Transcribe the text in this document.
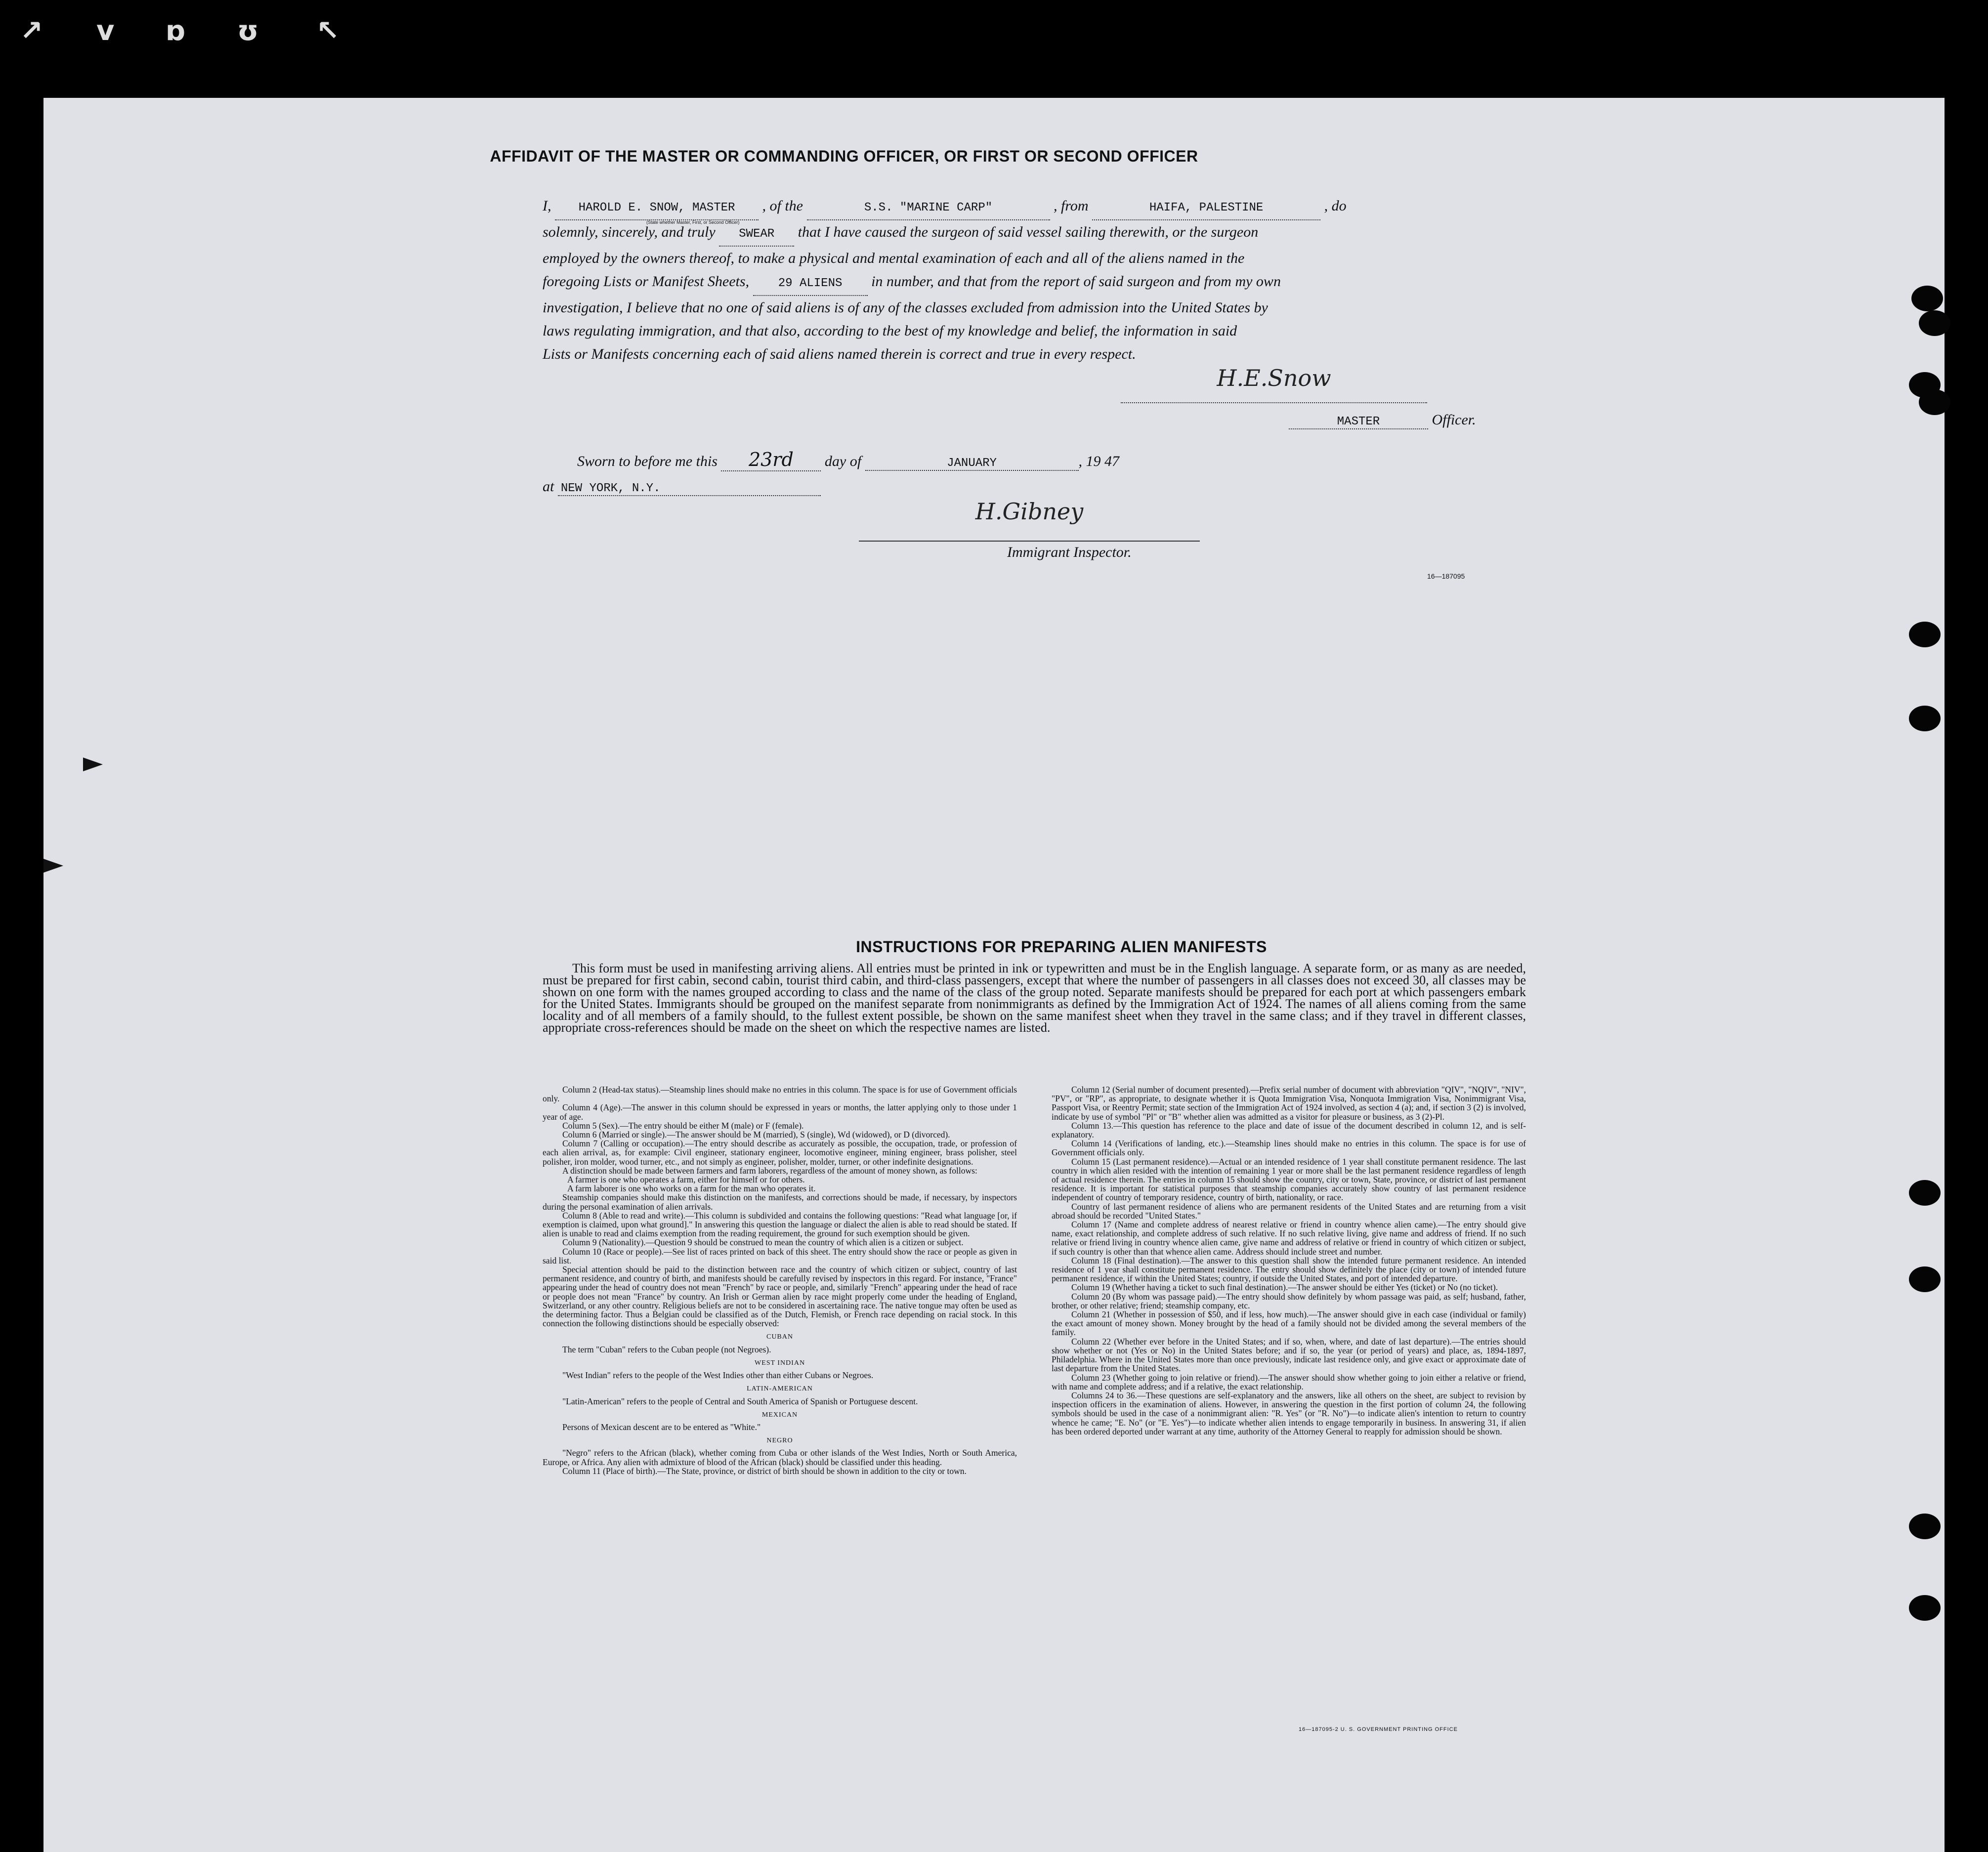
↗ v ɒ ʊ ↖
AFFIDAVIT OF THE MASTER OR COMMANDING OFFICER, OR FIRST OR SECOND OFFICER
I, HAROLD E. SNOW, MASTER
(State whether Master, First, or Second Officer)
, of the	S.S. "MARINE CARP"	, from	HAIFA, PALESTINE	, do
solemnly, sincerely, and truly SWEAR that I have caused the surgeon of said vessel sailing therewith, or the surgeon
employed by the owners thereof, to make a physical and mental examination of each and all of the aliens named in the
foregoing Lists or Manifest Sheets, 29 ALIENS in number, and that from the report of said surgeon and from my own
investigation, I believe that no one of said aliens is of any of the classes excluded from admission into the United States by
laws regulating immigration, and that also, according to the best of my knowledge and belief, the information in said
Lists or Manifests concerning each of said aliens named therein is correct and true in every respect.
H.E.Snow
MASTER	Officer.
Sworn to before me this 23rd day of	JANUARY	, 19 47
at NEW YORK, N.Y.
H.Gibney
Immigrant Inspector.
16—187095
INSTRUCTIONS FOR PREPARING ALIEN MANIFESTS
This form must be used in manifesting arriving aliens. All entries must be printed in ink or typewritten and must be in the English language. A separate form, or as many as are needed, must be prepared for first cabin, second cabin, tourist third cabin, and third-class passengers, except that where the number of passengers in all classes does not exceed 30, all classes may be shown on one form with the names grouped according to class and the name of the class of the group noted. Separate manifests should be prepared for each port at which passengers embark for the United States. Immigrants should be grouped on the manifest separate from nonimmigrants as defined by the Immigration Act of 1924. The names of all aliens coming from the same locality and of all members of a family should, to the fullest extent possible, be shown on the same manifest sheet when they travel in the same class; and if they travel in different classes, appropriate cross-references should be made on the sheet on which the respective names are listed.

Column 2 (Head-tax status).—Steamship lines should make no entries in this column. The space is for use of Government officials only.

Column 4 (Age).—The answer in this column should be expressed in years or months, the latter applying only to those under 1 year of age.

Column 5 (Sex).—The entry should be either M (male) or F (female).

Column 6 (Married or single).—The answer should be M (married), S (single), Wd (widowed), or D (divorced).

Column 7 (Calling or occupation).—The entry should describe as accurately as possible, the occupation, trade, or profession of each alien arrival, as, for example: Civil engineer, stationary engineer, locomotive engineer, mining engineer, brass polisher, steel polisher, iron molder, wood turner, etc., and not simply as engineer, polisher, molder, turner, or other indefinite designations.

A distinction should be made between farmers and farm laborers, regardless of the amount of money shown, as follows:

A farmer is one who operates a farm, either for himself or for others.

A farm laborer is one who works on a farm for the man who operates it.

Steamship companies should make this distinction on the manifests, and corrections should be made, if necessary, by inspectors during the personal examination of alien arrivals.

Column 8 (Able to read and write).—This column is subdivided and contains the following questions: "Read what language [or, if exemption is claimed, upon what ground]." In answering this question the language or dialect the alien is able to read should be stated. If alien is unable to read and claims exemption from the reading requirement, the ground for such exemption should be given.

Column 9 (Nationality).—Question 9 should be construed to mean the country of which alien is a citizen or subject.

Column 10 (Race or people).—See list of races printed on back of this sheet. The entry should show the race or people as given in said list.

Special attention should be paid to the distinction between race and the country of which citizen or subject, country of last permanent residence, and country of birth, and manifests should be carefully revised by inspectors in this regard. For instance, "France" appearing under the head of country does not mean "French" by race or people, and, similarly "French" appearing under the head of race or people does not mean "France" by country. An Irish or German alien by race might properly come under the heading of England, Switzerland, or any other country. Religious beliefs are not to be considered in ascertaining race. The native tongue may often be used as the determining factor. Thus a Belgian could be classified as of the Dutch, Flemish, or French race depending on racial stock. In this connection the following distinctions should be especially observed:

CUBAN

The term "Cuban" refers to the Cuban people (not Negroes).

WEST INDIAN

"West Indian" refers to the people of the West Indies other than either Cubans or Negroes.

LATIN-AMERICAN

"Latin-American" refers to the people of Central and South America of Spanish or Portuguese descent.

MEXICAN

Persons of Mexican descent are to be entered as "White."

NEGRO

"Negro" refers to the African (black), whether coming from Cuba or other islands of the West Indies, North or South America, Europe, or Africa. Any alien with admixture of blood of the African (black) should be classified under this heading.

Column 11 (Place of birth).—The State, province, or district of birth should be shown in addition to the city or town.

Column 12 (Serial number of document presented).—Prefix serial number of document with abbreviation "QIV", "NQIV", "NIV", "PV", or "RP", as appropriate, to designate whether it is Quota Immigration Visa, Nonquota Immigration Visa, Nonimmigrant Visa, Passport Visa, or Reentry Permit; state section of the Immigration Act of 1924 involved, as section 4 (a); and, if section 3 (2) is involved, indicate by use of symbol "Pl" or "B" whether alien was admitted as a visitor for pleasure or business, as 3 (2)-Pl.

Column 13.—This question has reference to the place and date of issue of the document described in column 12, and is self-explanatory.

Column 14 (Verifications of landing, etc.).—Steamship lines should make no entries in this column. The space is for use of Government officials only.

Column 15 (Last permanent residence).—Actual or an intended residence of 1 year shall constitute permanent residence. The last country in which alien resided with the intention of remaining 1 year or more shall be the last permanent residence regardless of length of actual residence therein. The entries in column 15 should show the country, city or town, State, province, or district of last permanent residence. It is important for statistical purposes that steamship companies accurately show country of last permanent residence independent of country of temporary residence, country of birth, nationality, or race.

Country of last permanent residence of aliens who are permanent residents of the United States and are returning from a visit abroad should be recorded "United States."

Column 17 (Name and complete address of nearest relative or friend in country whence alien came).—The entry should give name, exact relationship, and complete address of such relative. If no such relative living, give name and address of friend. If no such relative or friend living in country whence alien came, give name and address of relative or friend in country of which citizen or subject, if such country is other than that whence alien came. Address should include street and number.

Column 18 (Final destination).—The answer to this question shall show the intended future permanent residence. An intended residence of 1 year shall constitute permanent residence. The entry should show definitely the place (city or town) of intended future permanent residence, if within the United States; country, if outside the United States, and port of intended departure.

Column 19 (Whether having a ticket to such final destination).—The answer should be either Yes (ticket) or No (no ticket).

Column 20 (By whom was passage paid).—The entry should show definitely by whom passage was paid, as self; husband, father, brother, or other relative; friend; steamship company, etc.

Column 21 (Whether in possession of $50, and if less, how much).—The answer should give in each case (individual or family) the exact amount of money shown. Money brought by the head of a family should not be divided among the several members of the family.

Column 22 (Whether ever before in the United States; and if so, when, where, and date of last departure).—The entries should show whether or not (Yes or No) in the United States before; and if so, the year (or period of years) and place, as, 1894-1897, Philadelphia. Where in the United States more than once previously, indicate last residence only, and give exact or approximate date of last departure from the United States.

Column 23 (Whether going to join relative or friend).—The answer should show whether going to join either a relative or friend, with name and complete address; and if a relative, the exact relationship.

Columns 24 to 36.—These questions are self-explanatory and the answers, like all others on the sheet, are subject to revision by inspection officers in the examination of aliens. However, in answering the question in the first portion of column 24, the following symbols should be used in the case of a nonimmigrant alien: "R. Yes" (or "R. No")—to indicate alien's intention to return to country whence he came; "E. No" (or "E. Yes")—to indicate whether alien intends to engage temporarily in business. In answering 31, if alien has been ordered deported under warrant at any time, authority of the Attorney General to reapply for admission should be shown.

16—187095-2 U. S. GOVERNMENT PRINTING OFFICE
